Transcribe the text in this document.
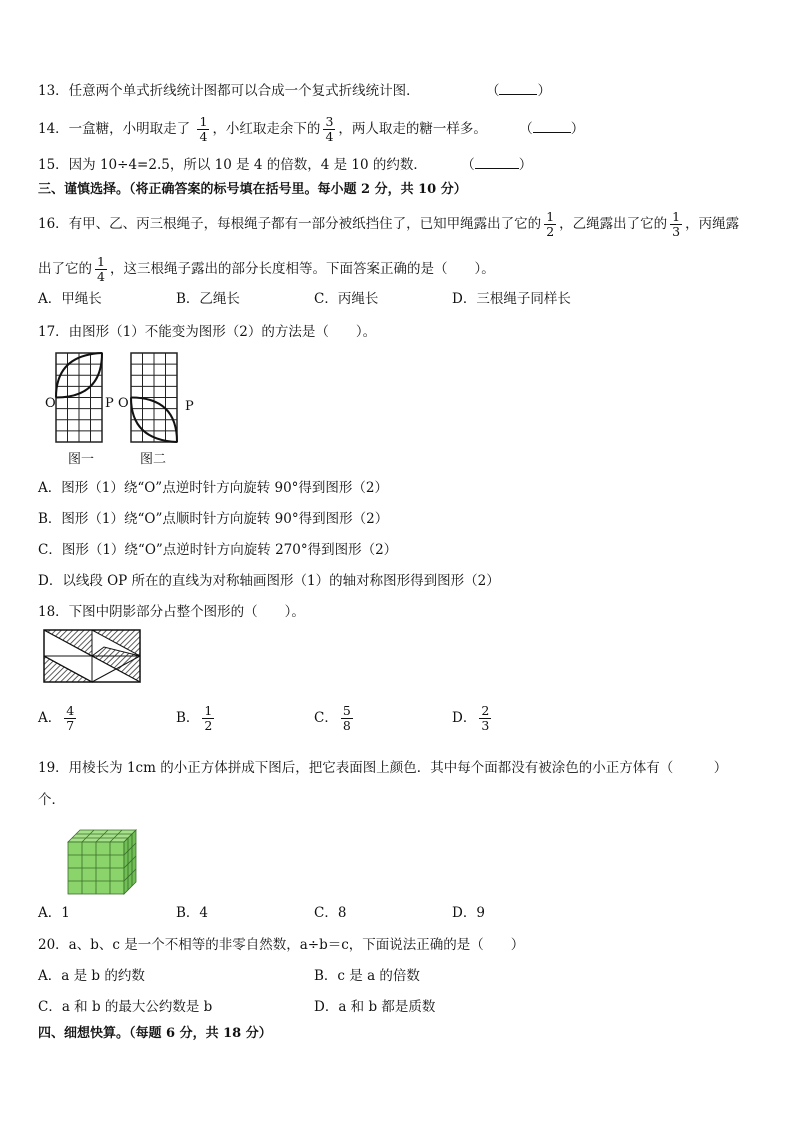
13．任意两个单式折线统计图都可以合成一个复式折线统计图．	（	）
14．一盒糖，小明取走了 $\frac{1}{4}$ ，小红取走余下的 $\frac{3}{4}$ ，两人取走的糖一样多。 （	）
15．因为 10÷4=2.5，所以 10 是 4 的倍数，4 是 10 的约数．	（	）
三、谨慎选择。（将正确答案的标号填在括号里。每小题 2 分，共 10 分）
16．有甲、乙、丙三根绳子，每根绳子都有一部分被纸挡住了，已知甲绳露出了它的 $\frac{1}{2}$ ，乙绳露出了它的 $\frac{1}{3}$ ，丙绳露
出了它的 $\frac{1}{4}$ ，这三根绳子露出的部分长度相等。下面答案正确的是（　　）。
A．甲绳长	B．乙绳长	C．丙绳长	D．三根绳子同样长
17．由图形（1）不能变为图形（2）的方法是（　　）。
O	P O	P
图一	图二
A．图形（1）绕“O”点逆时针方向旋转 90°得到图形（2）
B．图形（1）绕“O”点顺时针方向旋转 90°得到图形（2）
C．图形（1）绕“O”点逆时针方向旋转 270°得到图形（2）
D．以线段 OP 所在的直线为对称轴画图形（1）的轴对称图形得到图形（2）
18．下图中阴影部分占整个图形的（　　）。
A． $\frac{4}{7}$	B． $\frac{1}{2}$	C． $\frac{5}{8}$	D． $\frac{2}{3}$
19．用棱长为 1cm 的小正方体拼成下图后，把它表面图上颜色．其中每个面都没有被涂色的小正方体有（　　　）
个．
A．1	B．4	C．8	D．9
20．a、b、c 是一个不相等的非零自然数，a÷b＝c，下面说法正确的是（　　）
A．a 是 b 的约数	B．c 是 a 的倍数
C．a 和 b 的最大公约数是 b	D．a 和 b 都是质数
四、细想快算。（每题 6 分，共 18 分）
